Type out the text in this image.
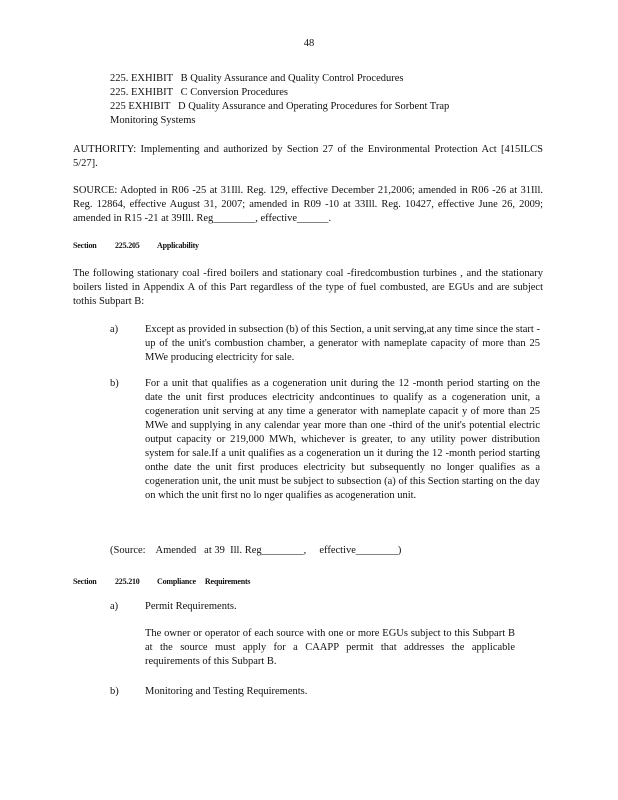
48
225. EXHIBIT   B Quality Assurance and Quality Control Procedures
225. EXHIBIT   C Conversion Procedures
225 EXHIBIT   D Quality Assurance and Operating Procedures for Sorbent Trap
Monitoring Systems
AUTHORITY: Implementing and authorized by Section 27 of the Environmental Protection Act [415ILCS 5/27].
SOURCE: Adopted in R06 -25 at 31Ill. Reg. 129, effective December 21,2006; amended in R06 -26 at 31Ill. Reg. 12864, effective August 31, 2007; amended in R09 -10 at 33Ill. Reg. 10427, effective June 26, 2009; amended in R15 -21 at 39Ill. Reg________, effective______.
Section 225.205 Applicability
The following stationary coal -fired boilers and stationary coal -firedcombustion turbines , and the stationary boilers listed in Appendix A of this Part regardless of the type of fuel combusted, are EGUs and are subject tothis Subpart B:
a)	Except as provided in subsection (b) of this Section, a unit serving,at any time since the start -up of the unit's combustion chamber, a generator with nameplate capacity of more than 25 MWe producing electricity for sale.
b)	For a unit that qualifies as a cogeneration unit during the 12 -month period starting on the date the unit first produces electricity andcontinues to qualify as a cogeneration unit, a cogeneration unit serving at any time a generator with nameplate capacit y of more than 25 MWe and supplying in any calendar year more than one -third of the unit's potential electric output capacity or 219,000 MWh, whichever is greater, to any utility power distribution system for sale.If a unit qualifies as a cogeneration un it during the 12 -month period starting onthe date the unit first produces electricity but subsequently no longer qualifies as a cogeneration unit, the unit must be subject to subsection (a) of this Section starting on the day on which the unit first no lo nger qualifies as acogeneration unit.
(Source:    Amended   at 39  Ill. Reg________,     effective________)
Section 225.210 Compliance     Requirements
a)	Permit Requirements.
The owner or operator of each source with one or more EGUs subject to this Subpart B at the source must apply for a CAAPP permit that addresses the applicable requirements of this Subpart B.
b)	Monitoring and Testing Requirements.
